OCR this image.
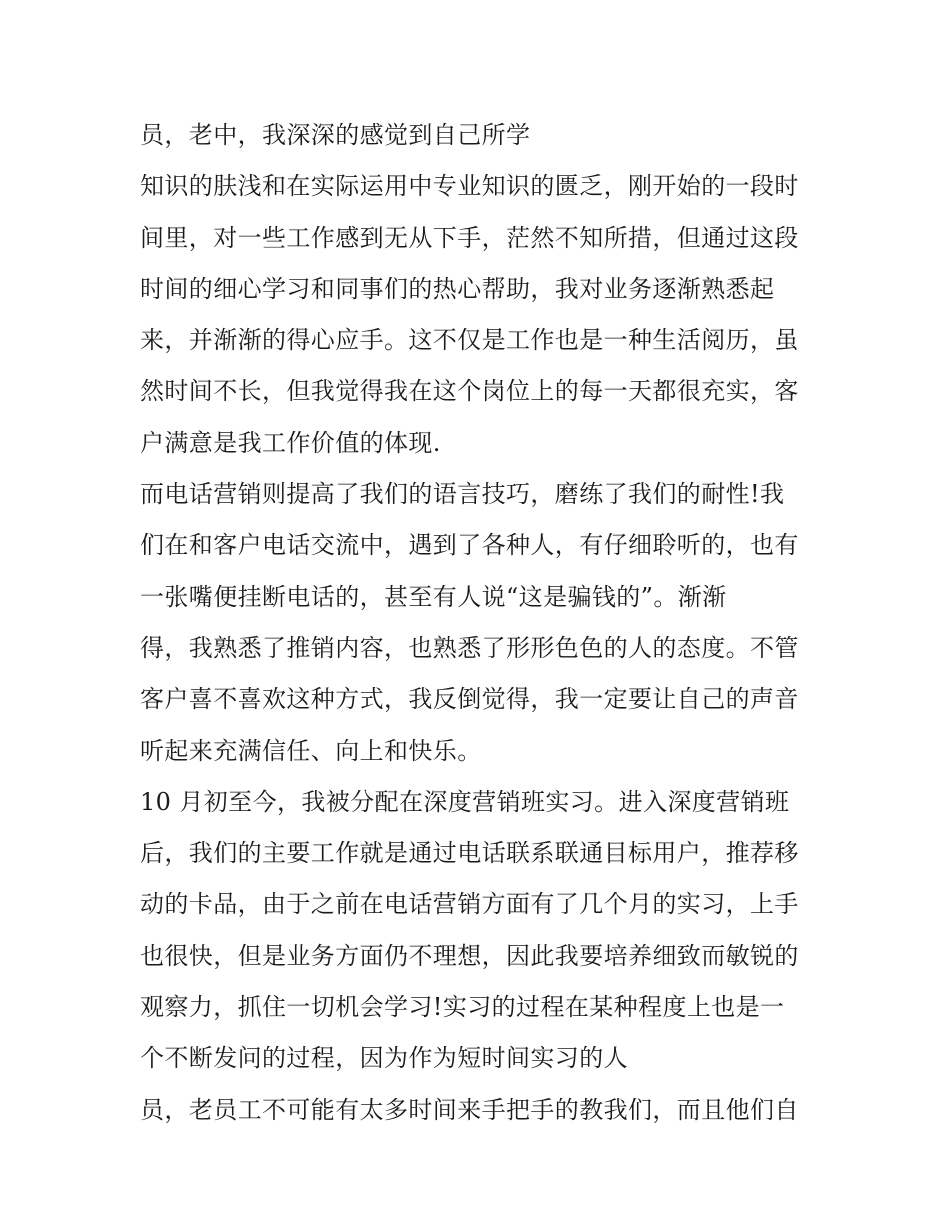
员，老中，我深深的感觉到自己所学
知识的肤浅和在实际运用中专业知识的匮乏，刚开始的一段时
间里，对一些工作感到无从下手，茫然不知所措，但通过这段
时间的细心学习和同事们的热心帮助，我对业务逐渐熟悉起
来，并渐渐的得心应手。这不仅是工作也是一种生活阅历，虽
然时间不长，但我觉得我在这个岗位上的每一天都很充实，客
户满意是我工作价值的体现.
而电话营销则提高了我们的语言技巧，磨练了我们的耐性!我
们在和客户电话交流中，遇到了各种人，有仔细聆听的，也有
一张嘴便挂断电话的，甚至有人说“这是骗钱的”。渐渐
得，我熟悉了推销内容，也熟悉了形形色色的人的态度。不管
客户喜不喜欢这种方式，我反倒觉得，我一定要让自己的声音
听起来充满信任、向上和快乐。
10 月初至今，我被分配在深度营销班实习。进入深度营销班
后，我们的主要工作就是通过电话联系联通目标用户，推荐移
动的卡品，由于之前在电话营销方面有了几个月的实习，上手
也很快，但是业务方面仍不理想，因此我要培养细致而敏锐的
观察力，抓住一切机会学习!实习的过程在某种程度上也是一
个不断发问的过程，因为作为短时间实习的人
员，老员工不可能有太多时间来手把手的教我们，而且他们自
